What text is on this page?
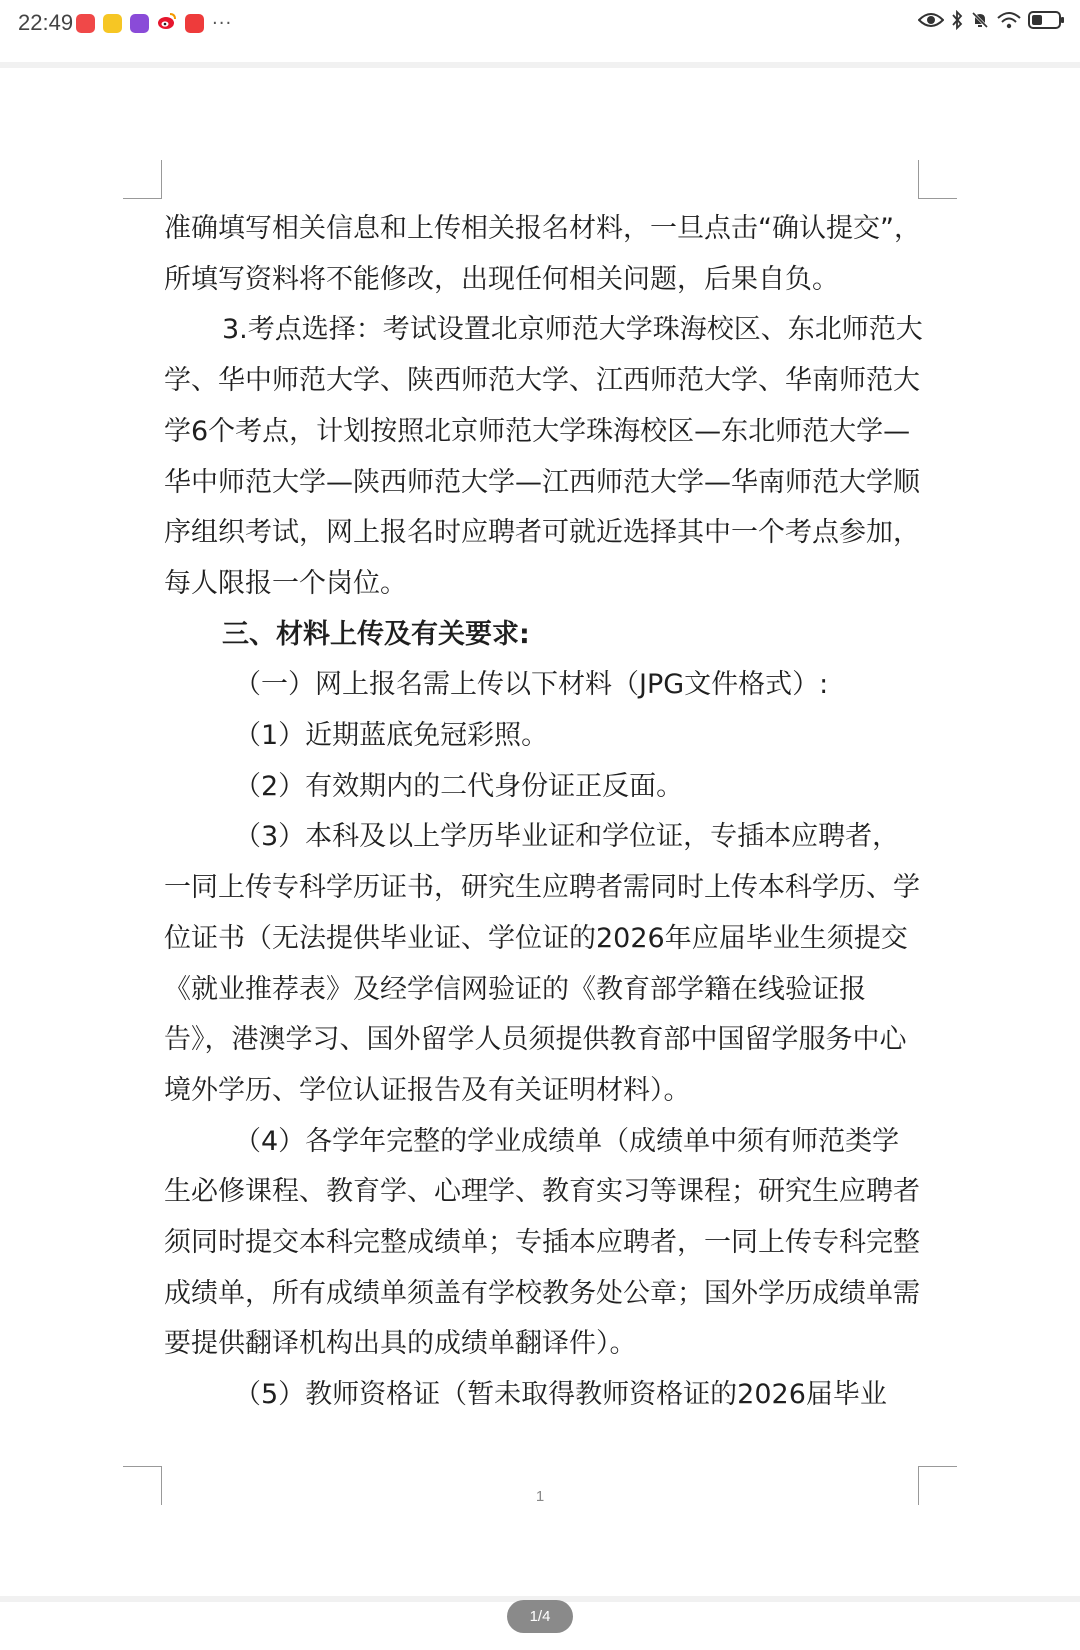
22:49	···

准确填写相关信息和上传相关报名材料，一旦点击“确认提交”，所填写资料将不能修改，出现任何相关问题，后果自负。

3.考点选择：考试设置北京师范大学珠海校区、东北师范大学、华中师范大学、陕西师范大学、江西师范大学、华南师范大学6个考点，计划按照北京师范大学珠海校区—东北师范大学—华中师范大学—陕西师范大学—江西师范大学—华南师范大学顺序组织考试，网上报名时应聘者可就近选择其中一个考点参加，每人限报一个岗位。

三、材料上传及有关要求:

（一）网上报名需上传以下材料（JPG文件格式）:

（1）近期蓝底免冠彩照。

（2）有效期内的二代身份证正反面。

（3）本科及以上学历毕业证和学位证，专插本应聘者，一同上传专科学历证书，研究生应聘者需同时上传本科学历、学位证书（无法提供毕业证、学位证的2026年应届毕业生须提交《就业推荐表》及经学信网验证的《教育部学籍在线验证报告》，港澳学习、国外留学人员须提供教育部中国留学服务中心境外学历、学位认证报告及有关证明材料）。

（4）各学年完整的学业成绩单（成绩单中须有师范类学生必修课程、教育学、心理学、教育实习等课程；研究生应聘者须同时提交本科完整成绩单；专插本应聘者，一同上传专科完整成绩单，所有成绩单须盖有学校教务处公章；国外学历成绩单需要提供翻译机构出具的成绩单翻译件）。

（5）教师资格证（暂未取得教师资格证的2026届毕业

1
1/4
